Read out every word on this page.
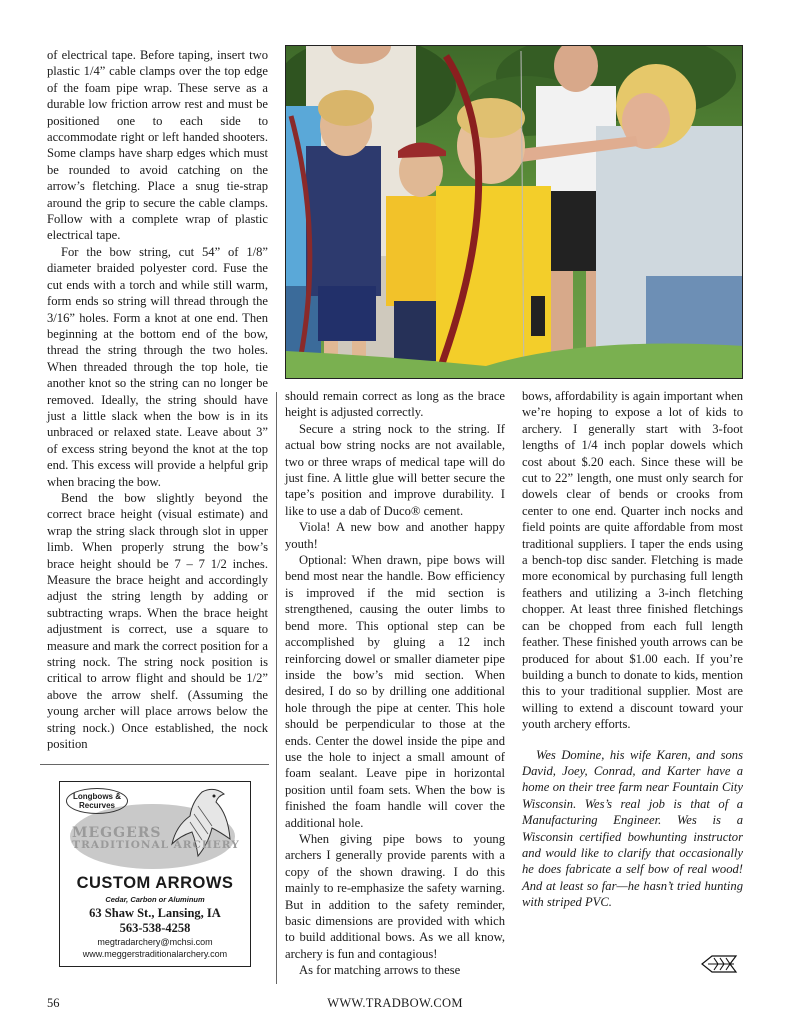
of electrical tape. Before taping, insert two plastic 1/4” cable clamps over the top edge of the foam pipe wrap. These serve as a durable low friction arrow rest and must be positioned one to each side to accommodate right or left handed shooters. Some clamps have sharp edges which must be rounded to avoid catching on the arrow’s fletching. Place a snug tie-strap around the grip to secure the cable clamps. Follow with a complete wrap of plastic electrical tape.

For the bow string, cut 54” of 1/8” diameter braided polyester cord. Fuse the cut ends with a torch and while still warm, form ends so string will thread through the 3/16” holes. Form a knot at one end. Then beginning at the bottom end of the bow, thread the string through the two holes. When threaded through the top hole, tie another knot so the string can no longer be removed. Ideally, the string should have just a little slack when the bow is in its unbraced or relaxed state. Leave about 3” of excess string beyond the knot at the top end. This excess will provide a helpful grip when bracing the bow.

Bend the bow slightly beyond the correct brace height (visual estimate) and wrap the string slack through slot in upper limb. When properly strung the bow’s brace height should be 7 – 7 1/2 inches. Measure the brace height and accordingly adjust the string length by adding or subtracting wraps. When the brace height adjustment is correct, use a square to measure and mark the correct position for a string nock. The string nock position is critical to arrow flight and should be 1/2” above the arrow shelf. (Assuming the young archer will place arrows below the string nock.) Once established, the nock position

should remain correct as long as the brace height is adjusted correctly.

Secure a string nock to the string. If actual bow string nocks are not available, two or three wraps of medical tape will do just fine. A little glue will better secure the tape’s position and improve durability. I like to use a dab of Duco® cement.

Viola! A new bow and another happy youth!

Optional: When drawn, pipe bows will bend most near the handle. Bow efficiency is improved if the mid section is strengthened, causing the outer limbs to bend more. This optional step can be accomplished by gluing a 12 inch reinforcing dowel or smaller diameter pipe inside the bow’s mid section. When desired, I do so by drilling one additional hole through the pipe at center. This hole should be perpendicular to those at the ends. Center the dowel inside the pipe and use the hole to inject a small amount of foam sealant. Leave pipe in horizontal position until foam sets. When the bow is finished the foam handle will cover the additional hole.

When giving pipe bows to young archers I generally provide parents with a copy of the shown drawing. I do this mainly to re-emphasize the safety warning. But in addition to the safety reminder, basic dimensions are provided with which to build additional bows. As we all know, archery is fun and contagious!

As for matching arrows to these

bows, affordability is again important when we’re hoping to expose a lot of kids to archery. I generally start with 3-foot lengths of 1/4 inch poplar dowels which cost about $.20 each. Since these will be cut to 22” length, one must only search for dowels clear of bends or crooks from center to one end. Quarter inch nocks and field points are quite affordable from most traditional suppliers. I taper the ends using a bench-top disc sander. Fletching is made more economical by purchasing full length feathers and utilizing a 3-inch fletching chopper. At least three finished fletchings can be chopped from each full length feather. These finished youth arrows can be produced for about $1.00 each. If you’re building a bunch to donate to kids, mention this to your traditional supplier. Most are willing to extend a discount toward your youth archery efforts.

Wes Domine, his wife Karen, and sons David, Joey, Conrad, and Karter have a home on their tree farm near Fountain City Wisconsin. Wes’s real job is that of a Manufacturing Engineer. Wes is a Wisconsin certified bowhunting instructor and would like to clarify that occasionally he does fabricate a self bow of real wood! And at least so far—he hasn’t tried hunting with striped PVC.

Longbows &
Recurves
MEGGERS
TRADITIONAL ARCHERY
CUSTOM ARROWS
Cedar, Carbon or Aluminum
63 Shaw St., Lansing, IA
563-538-4258
megtradarchery@mchsi.com
www.meggerstraditionalarchery.com
56	WWW.TRADBOW.COM
